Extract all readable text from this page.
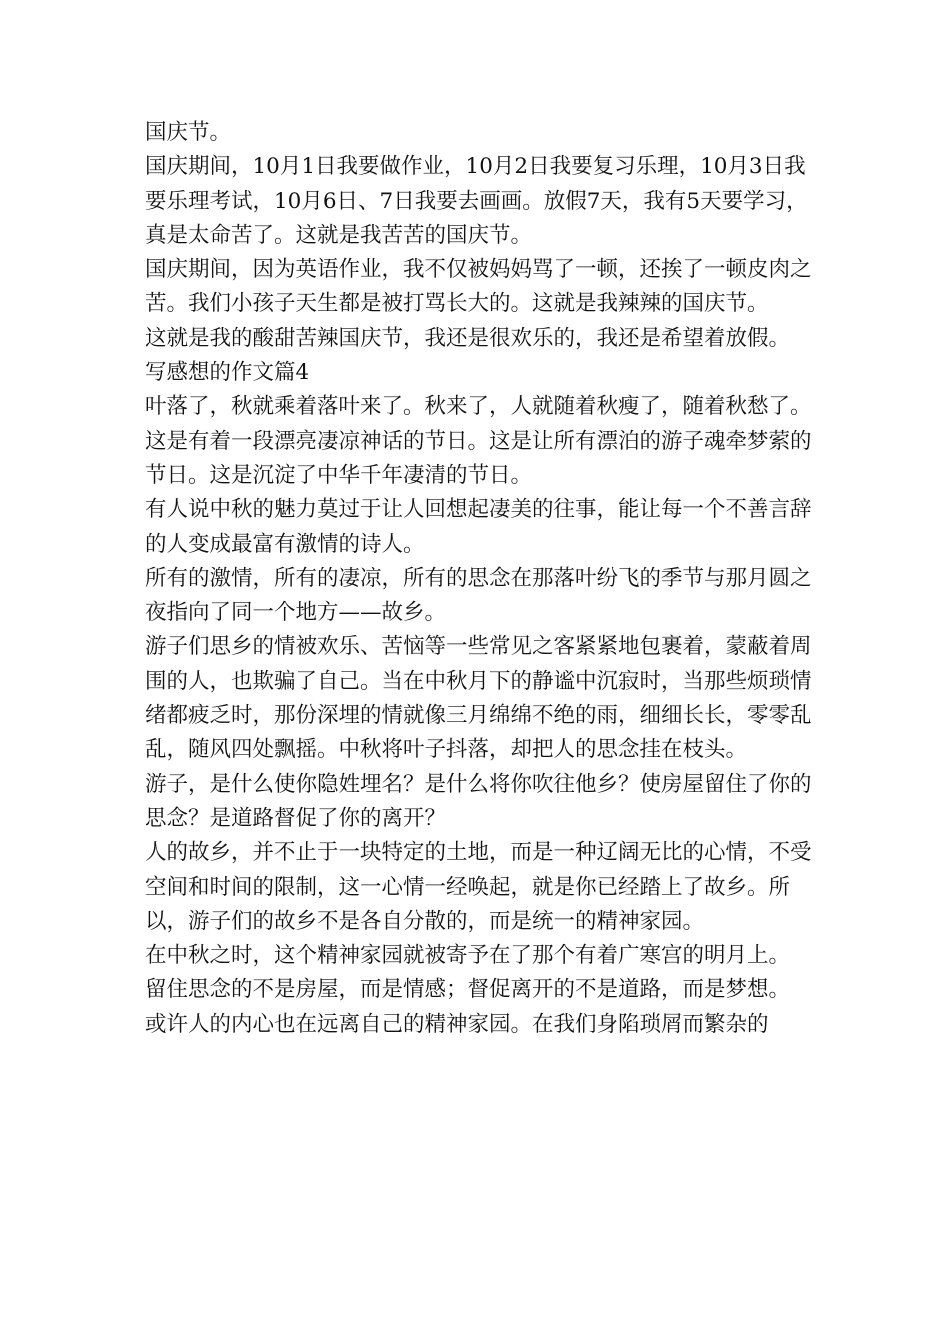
国庆节。

国庆期间，10月1日我要做作业，10月2日我要复习乐理，10月3日我要乐理考试，10月6日、7日我要去画画。放假7天，我有5天要学习，真是太命苦了。这就是我苦苦的国庆节。

国庆期间，因为英语作业，我不仅被妈妈骂了一顿，还挨了一顿皮肉之苦。我们小孩子天生都是被打骂长大的。这就是我辣辣的国庆节。

这就是我的酸甜苦辣国庆节，我还是很欢乐的，我还是希望着放假。

写感想的作文篇4

叶落了，秋就乘着落叶来了。秋来了，人就随着秋瘦了，随着秋愁了。

这是有着一段漂亮凄凉神话的节日。这是让所有漂泊的游子魂牵梦萦的节日。这是沉淀了中华千年凄清的节日。

有人说中秋的魅力莫过于让人回想起凄美的往事，能让每一个不善言辞的人变成最富有激情的诗人。

所有的激情，所有的凄凉，所有的思念在那落叶纷飞的季节与那月圆之夜指向了同一个地方——故乡。

游子们思乡的情被欢乐、苦恼等一些常见之客紧紧地包裹着，蒙蔽着周围的人，也欺骗了自己。当在中秋月下的静谧中沉寂时，当那些烦琐情绪都疲乏时，那份深埋的情就像三月绵绵不绝的雨，细细长长，零零乱乱，随风四处飘摇。中秋将叶子抖落，却把人的思念挂在枝头。

游子，是什么使你隐姓埋名？是什么将你吹往他乡？使房屋留住了你的思念？是道路督促了你的离开？

人的故乡，并不止于一块特定的土地，而是一种辽阔无比的心情，不受空间和时间的限制，这一心情一经唤起，就是你已经踏上了故乡。所以，游子们的故乡不是各自分散的，而是统一的精神家园。

在中秋之时，这个精神家园就被寄予在了那个有着广寒宫的明月上。

留住思念的不是房屋，而是情感；督促离开的不是道路，而是梦想。

或许人的内心也在远离自己的精神家园。在我们身陷琐屑而繁杂的
